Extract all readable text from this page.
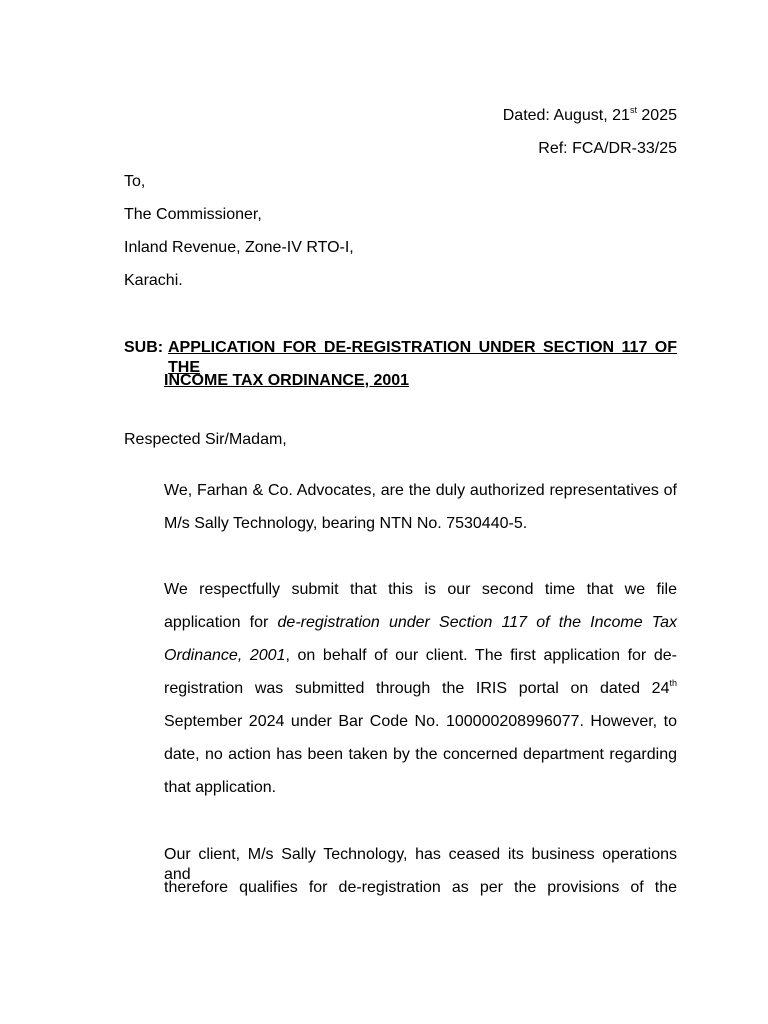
Dated: August, 21st 2025
Ref: FCA/DR-33/25
To,
The Commissioner,
Inland Revenue, Zone-IV RTO-I,
Karachi.
SUB: APPLICATION FOR DE-REGISTRATION UNDER SECTION 117 OF THE
INCOME TAX ORDINANCE, 2001
Respected Sir/Madam,
We, Farhan & Co. Advocates, are the duly authorized representatives of
M/s Sally Technology, bearing NTN No. 7530440-5.
We respectfully submit that this is our second time that we file
application for de-registration under Section 117 of the Income Tax
Ordinance, 2001, on behalf of our client. The first application for de-
registration was submitted through the IRIS portal on dated 24th
September 2024 under Bar Code No. 100000208996077. However, to
date, no action has been taken by the concerned department regarding
that application.
Our client, M/s Sally Technology, has ceased its business operations and
therefore qualifies for de-registration as per the provisions of the
